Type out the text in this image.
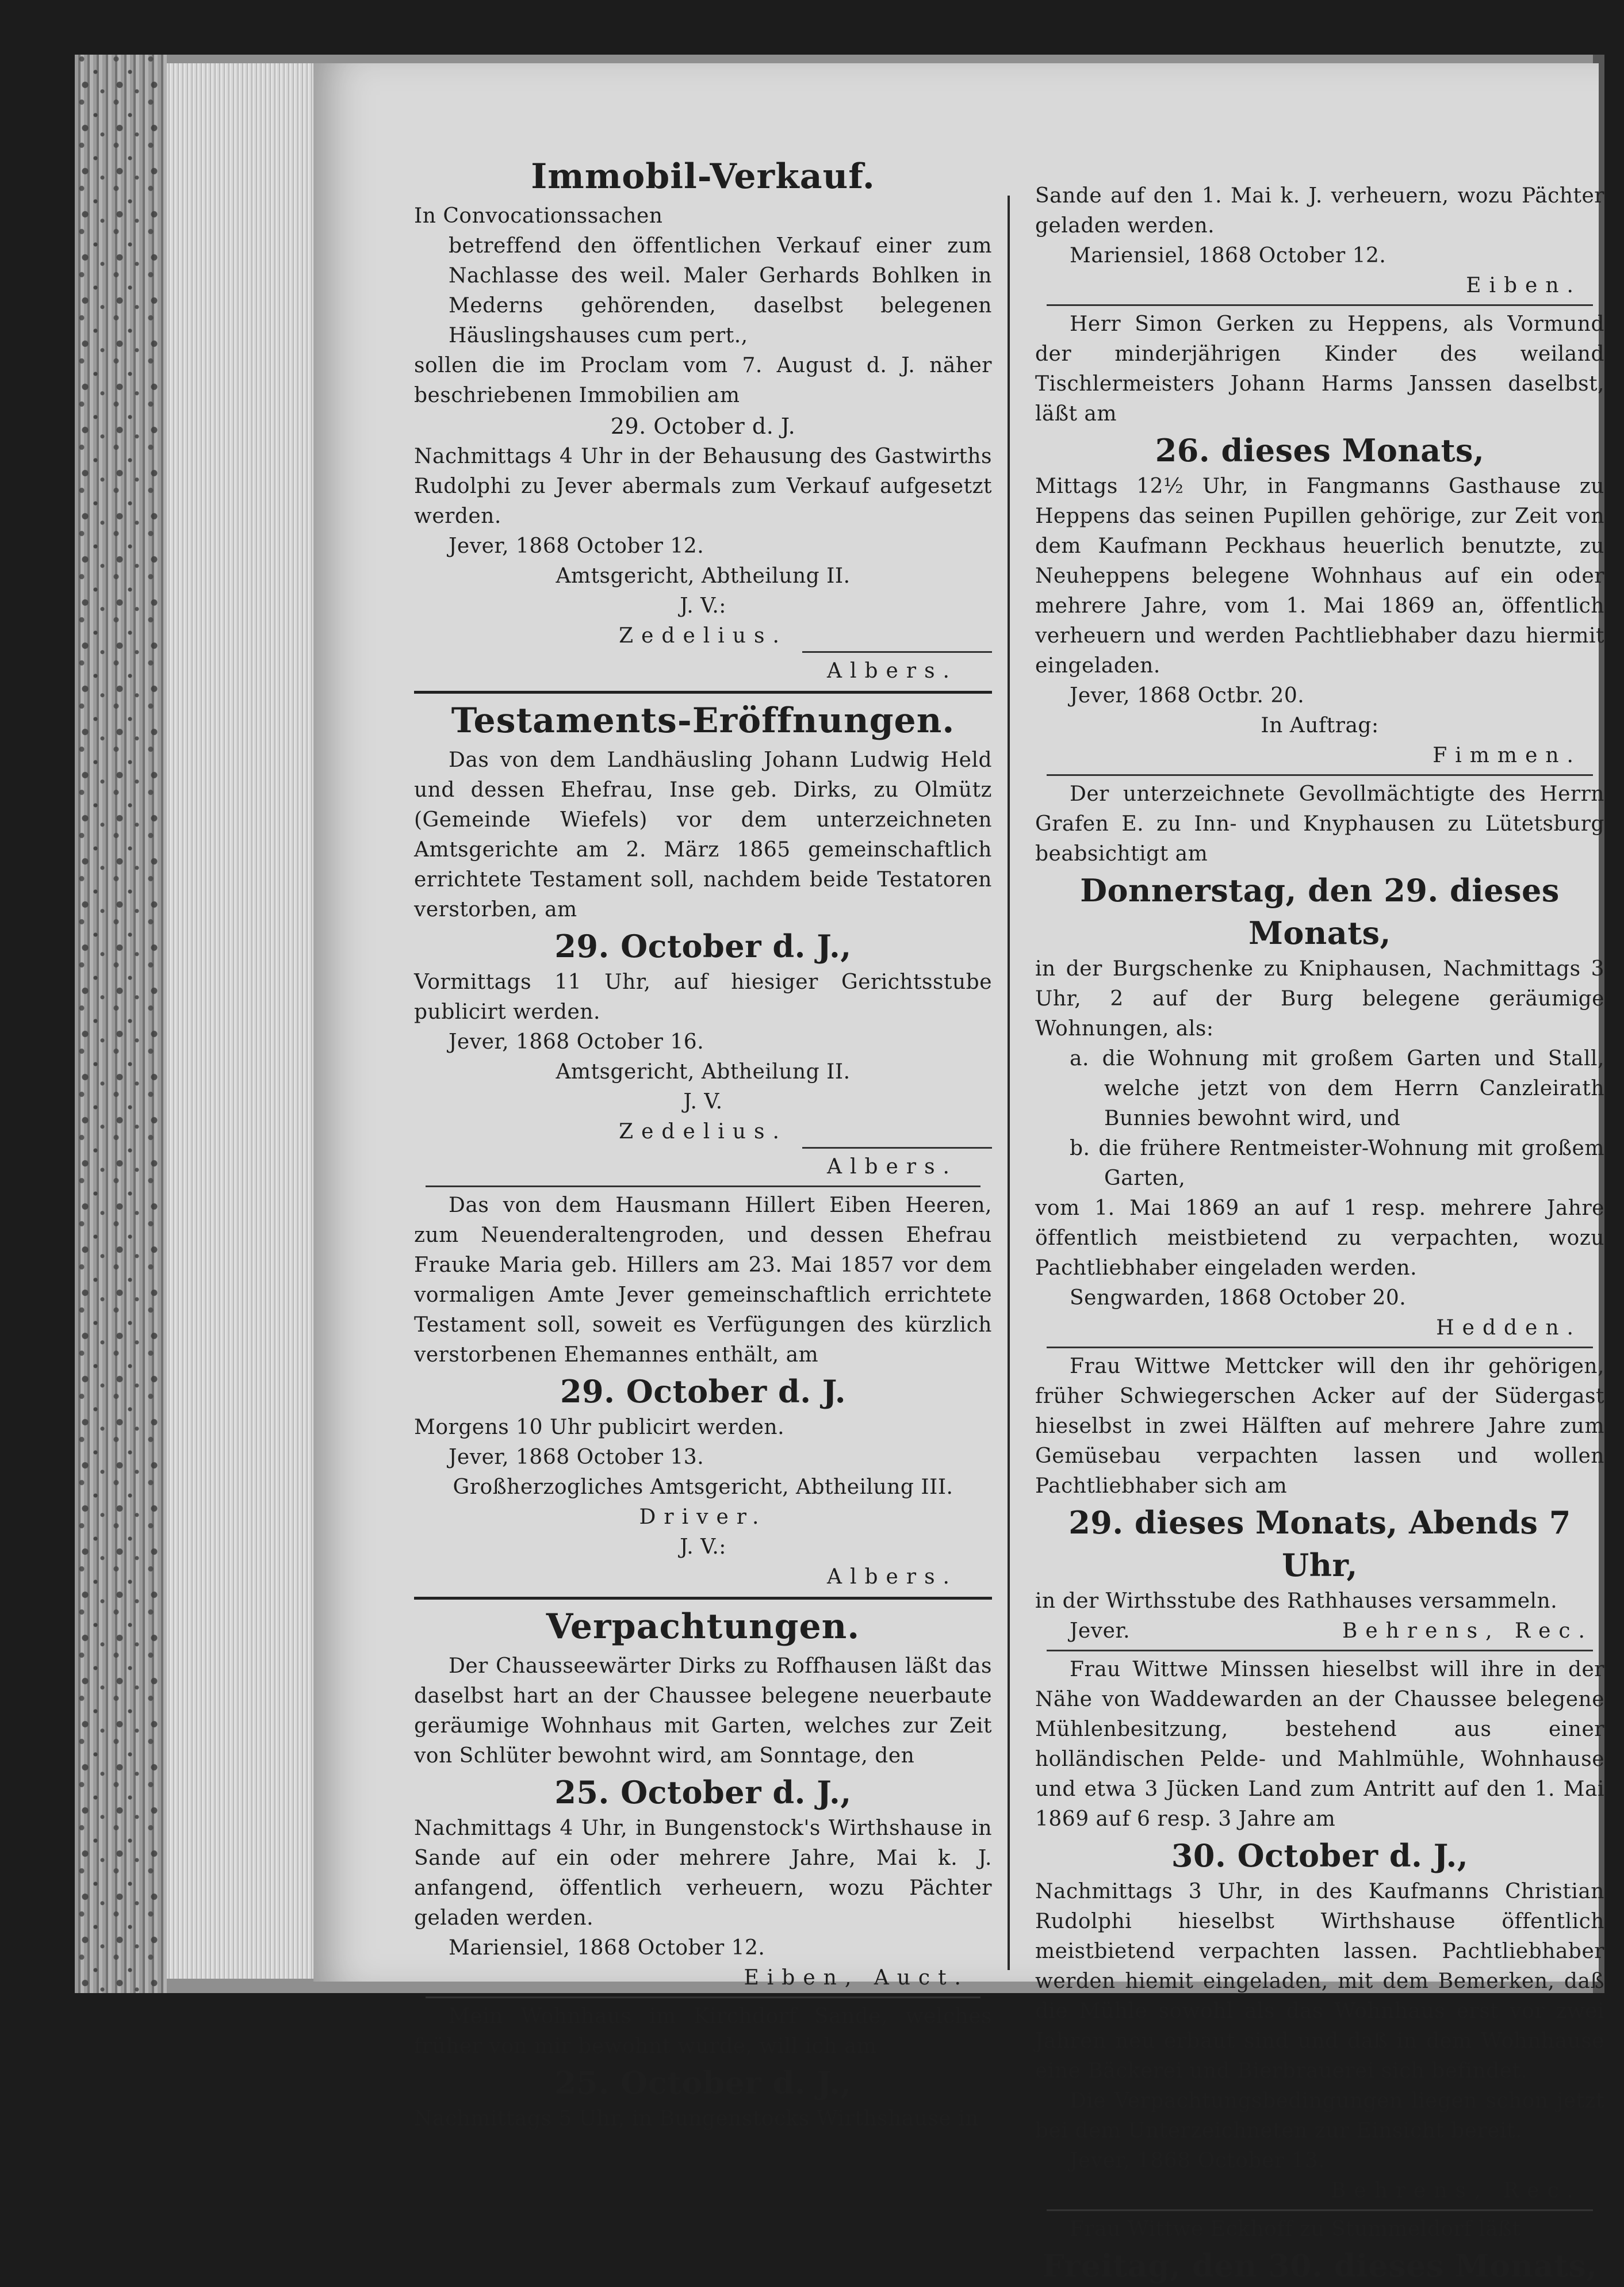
Immobil-Verkauf.

In Convocationssachen

betreffend den öffentlichen Verkauf einer zum Nachlasse des weil. Maler Gerhards Bohlken in Mederns gehörenden, daselbst belegenen Häuslingshauses cum pert.,

sollen die im Proclam vom 7. August d. J. näher beschriebenen Immobilien am

29. October d. J.

Nachmittags 4 Uhr in der Behausung des Gastwirths Rudolphi zu Jever abermals zum Verkauf aufgesetzt werden.

Jever, 1868 October 12.

Amtsgericht, Abtheilung II.
J. V.:
Zedelius.
Albers.
Testaments-Eröffnungen.

Das von dem Landhäusling Johann Ludwig Held und dessen Ehefrau, Inse geb. Dirks, zu Olmütz (Gemeinde Wiefels) vor dem unterzeichneten Amtsgerichte am 2. März 1865 gemeinschaftlich errichtete Testament soll, nachdem beide Testatoren verstorben, am

29. October d. J.,

Vormittags 11 Uhr, auf hiesiger Gerichtsstube publicirt werden.

Jever, 1868 October 16.

Amtsgericht, Abtheilung II.
J. V.
Zedelius.
Albers.

Das von dem Hausmann Hillert Eiben Heeren, zum Neuenderaltengroden, und dessen Ehefrau Frauke Maria geb. Hillers am 23. Mai 1857 vor dem vormaligen Amte Jever gemeinschaftlich errichtete Testament soll, soweit es Verfügungen des kürzlich verstorbenen Ehemannes enthält, am

29. October d. J.

Morgens 10 Uhr publicirt werden.

Jever, 1868 October 13.

Großherzogliches Amtsgericht, Abtheilung III.
Driver.
J. V.:
Albers.
Verpachtungen.

Der Chausseewärter Dirks zu Roffhausen läßt das daselbst hart an der Chaussee belegene neuerbaute geräumige Wohnhaus mit Garten, welches zur Zeit von Schlüter bewohnt wird, am Sonntage, den

25. October d. J.,

Nachmittags 4 Uhr, in Bungenstock's Wirthshause in Sande auf ein oder mehrere Jahre, Mai k. J. anfangend, öffentlich verheuern, wozu Pächter geladen werden.

Mariensiel, 1868 October 12.

Eiben, Auct.

Mein Wohnhaus im Kirchdorf Sande, welches früher von mir bewohnt wurde, will ich am

25. October d. J.,

Nachmittags 5 Uhr, in Bungenstocks Wirthshause in

Sande auf den 1. Mai k. J. verheuern, wozu Pächter geladen werden.

Mariensiel, 1868 October 12.

Eiben.

Herr Simon Gerken zu Heppens, als Vormund der minderjährigen Kinder des weiland Tischlermeisters Johann Harms Janssen daselbst, läßt am

26. dieses Monats,

Mittags 12½ Uhr, in Fangmanns Gasthause zu Heppens das seinen Pupillen gehörige, zur Zeit von dem Kaufmann Peckhaus heuerlich benutzte, zu Neuheppens belegene Wohnhaus auf ein oder mehrere Jahre, vom 1. Mai 1869 an, öffentlich verheuern und werden Pachtliebhaber dazu hiermit eingeladen.

Jever, 1868 Octbr. 20.

In Auftrag:
Fimmen.

Der unterzeichnete Gevollmächtigte des Herrn Grafen E. zu Inn- und Knyphausen zu Lütetsburg beabsichtigt am

Donnerstag, den 29. dieses Monats,

in der Burgschenke zu Kniphausen, Nachmittags 3 Uhr, 2 auf der Burg belegene geräumige Wohnungen, als:

a. die Wohnung mit großem Garten und Stall, welche jetzt von dem Herrn Canzleirath Bunnies bewohnt wird, und

b. die frühere Rentmeister-Wohnung mit großem Garten,

vom 1. Mai 1869 an auf 1 resp. mehrere Jahre öffentlich meistbietend zu verpachten, wozu Pachtliebhaber eingeladen werden.

Sengwarden, 1868 October 20.

Hedden.

Frau Wittwe Mettcker will den ihr gehörigen, früher Schwiegerschen Acker auf der Südergast hieselbst in zwei Hälften auf mehrere Jahre zum Gemüsebau verpachten lassen und wollen Pachtliebhaber sich am

29. dieses Monats, Abends 7 Uhr,

in der Wirthsstube des Rathhauses versammeln.

Jever.	Behrens, Rec.

Frau Wittwe Minssen hieselbst will ihre in der Nähe von Waddewarden an der Chaussee belegene Mühlenbesitzung, bestehend aus einer holländischen Pelde- und Mahlmühle, Wohnhause und etwa 3 Jücken Land zum Antritt auf den 1. Mai 1869 auf 6 resp. 3 Jahre am

30. October d. J.,

Nachmittags 3 Uhr, in des Kaufmanns Christian Rudolphi hieselbst Wirthshause öffentlich meistbietend verpachten lassen. Pachtliebhaber werden hiemit eingeladen, mit dem Bemerken, daß die Mühle sowohl als das Wohnhaus erst vor zwei Jahren neu erbaut sind und daß in dem Wohnhause eine Bäckerei und Bierbrauerei sich befindet.

Die Verpachtungsbedingungen liegen schon jetzt bei dem Unterzeichneten zur Einsicht bereit.

Jever, 1868 October 13.

Behrens, Rec.

Frau Wittwe Eckhoff zu Stummeldorf läßt

Freitag, den 30. dieses Monats,
